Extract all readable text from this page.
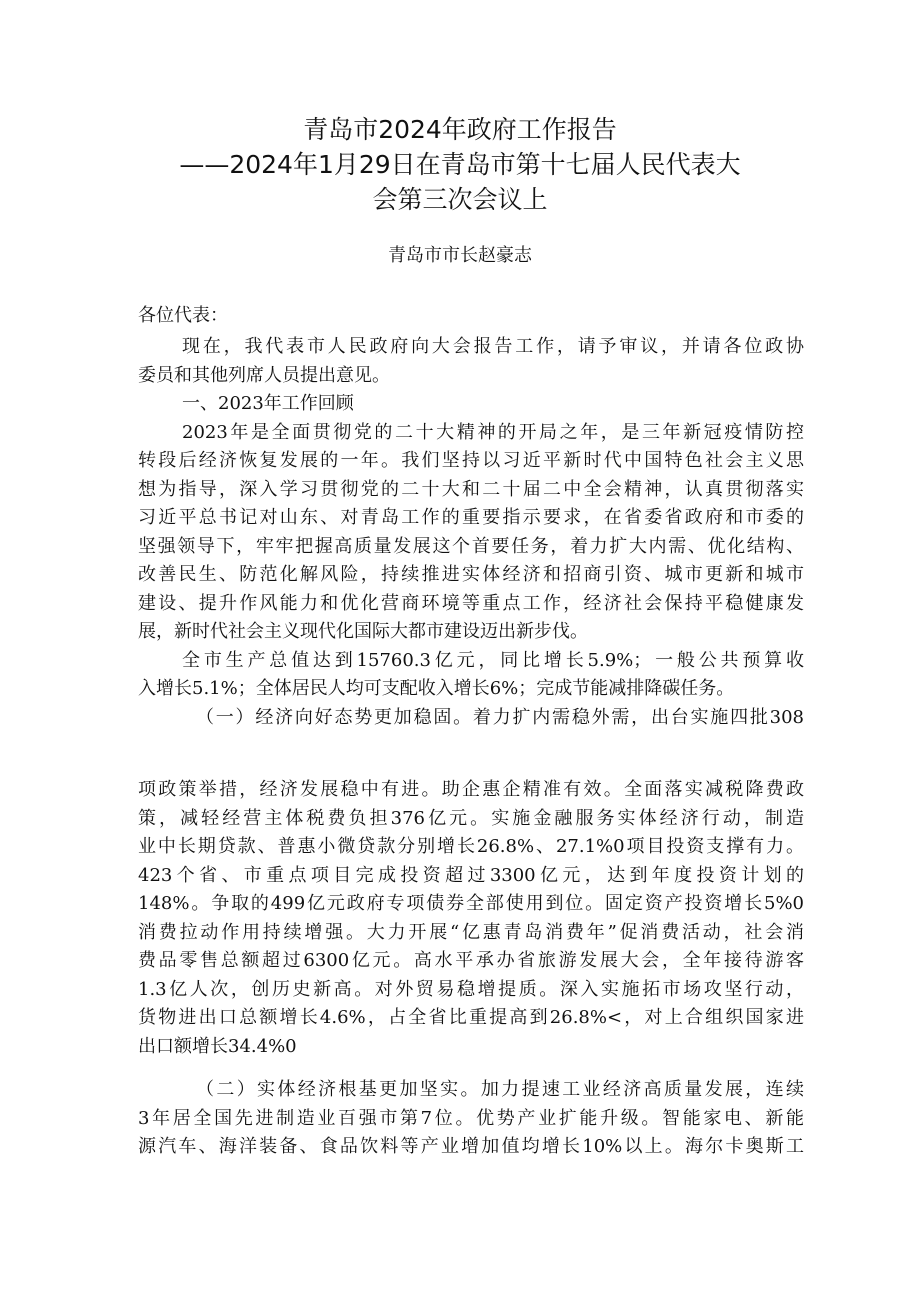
青岛市2024年政府工作报告
——2024年1月29日在青岛市第十七届人民代表大
会第三次会议上
青岛市市长赵豪志
各位代表：
现在，我代表市人民政府向大会报告工作，请予审议，并请各位政协
委员和其他列席人员提出意见。
一、2023年工作回顾
2023年是全面贯彻党的二十大精神的开局之年，是三年新冠疫情防控
转段后经济恢复发展的一年。我们坚持以习近平新时代中国特色社会主义思
想为指导，深入学习贯彻党的二十大和二十届二中全会精神，认真贯彻落实
习近平总书记对山东、对青岛工作的重要指示要求，在省委省政府和市委的
坚强领导下，牢牢把握高质量发展这个首要任务，着力扩大内需、优化结构、
改善民生、防范化解风险，持续推进实体经济和招商引资、城市更新和城市
建设、提升作风能力和优化营商环境等重点工作，经济社会保持平稳健康发
展，新时代社会主义现代化国际大都市建设迈出新步伐。
全市生产总值达到15760.3亿元，同比增长5.9%；一般公共预算收
入增长5.1%；全体居民人均可支配收入增长6%；完成节能减排降碳任务。
（一）经济向好态势更加稳固。着力扩内需稳外需，出台实施四批308
项政策举措，经济发展稳中有进。助企惠企精准有效。全面落实减税降费政
策，减轻经营主体税费负担376亿元。实施金融服务实体经济行动，制造
业中长期贷款、普惠小微贷款分别增长26.8%、27.1%0项目投资支撑有力。
423个省、市重点项目完成投资超过3300亿元，达到年度投资计划的
148%。争取的499亿元政府专项债券全部使用到位。固定资产投资增长5%0
消费拉动作用持续增强。大力开展“亿惠青岛消费年”促消费活动，社会消
费品零售总额超过6300亿元。高水平承办省旅游发展大会，全年接待游客
1.3亿人次，创历史新高。对外贸易稳增提质。深入实施拓市场攻坚行动，
货物进出口总额增长4.6%，占全省比重提高到26.8%<，对上合组织国家进
出口额增长34.4%0
（二）实体经济根基更加坚实。加力提速工业经济高质量发展，连续
3年居全国先进制造业百强市第7位。优势产业扩能升级。智能家电、新能
源汽车、海洋装备、食品饮料等产业增加值均增长10%以上。海尔卡奥斯工
